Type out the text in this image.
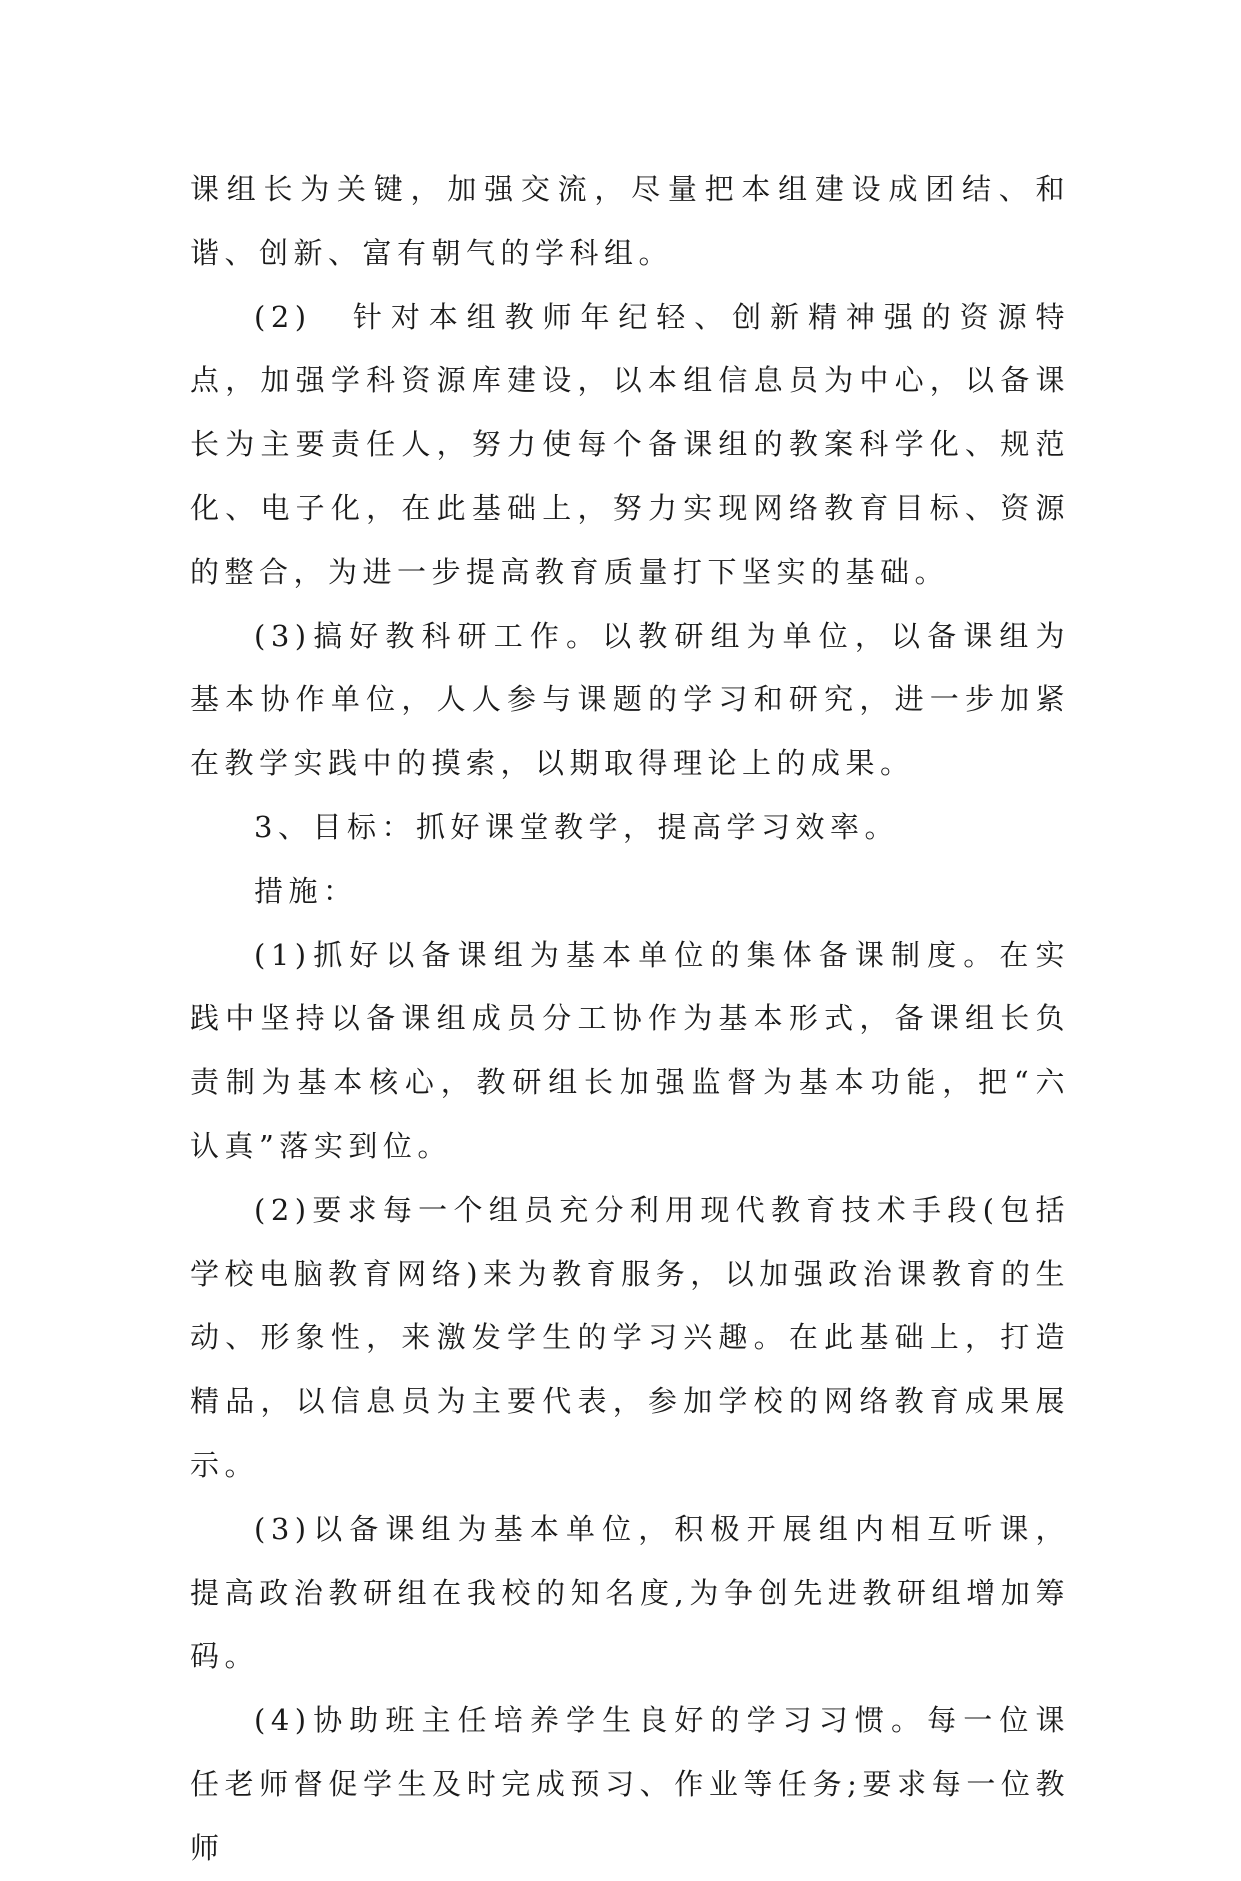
课组长为关键，加强交流，尽量把本组建设成团结、和谐、创新、富有朝气的学科组。

(2)　针对本组教师年纪轻、创新精神强的资源特点，加强学科资源库建设，以本组信息员为中心，以备课长为主要责任人，努力使每个备课组的教案科学化、规范化、电子化，在此基础上，努力实现网络教育目标、资源的整合，为进一步提高教育质量打下坚实的基础。

(3)搞好教科研工作。以教研组为单位，以备课组为基本协作单位，人人参与课题的学习和研究，进一步加紧在教学实践中的摸索，以期取得理论上的成果。

3、目标：抓好课堂教学，提高学习效率。

措施：

(1)抓好以备课组为基本单位的集体备课制度。在实践中坚持以备课组成员分工协作为基本形式，备课组长负责制为基本核心，教研组长加强监督为基本功能，把“六认真”落实到位。

(2)要求每一个组员充分利用现代教育技术手段(包括学校电脑教育网络)来为教育服务，以加强政治课教育的生动、形象性，来激发学生的学习兴趣。在此基础上，打造精品，以信息员为主要代表，参加学校的网络教育成果展示。

(3)以备课组为基本单位，积极开展组内相互听课，提高政治教研组在我校的知名度,为争创先进教研组增加筹码。

(4)协助班主任培养学生良好的学习习惯。每一位课任老师督促学生及时完成预习、作业等任务;要求每一位教师
